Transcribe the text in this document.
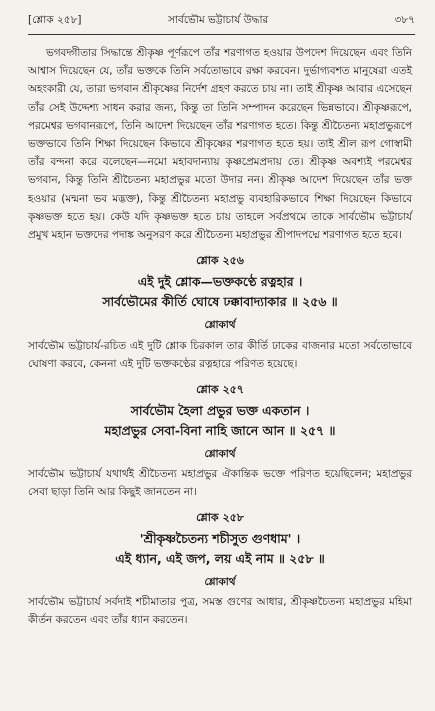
[শ্লোক ২৫৮]	সার্বভৌম ভট্টাচার্য উদ্ধার	৩৮৭

ভগবদ্গীতার সিদ্ধান্তে শ্রীকৃষ্ণ পূর্ণরূপে তাঁর শরণাগত হওয়ার উপদেশ দিয়েছেন এবং তিনি আশ্বাস দিয়েছেন যে, তাঁর ভক্তকে তিনি সর্বতোভাবে রক্ষা করবেন। দুর্ভাগ্যবশত মানুষেরা এতই অহংকারী যে, তারা ভগবান শ্রীকৃষ্ণের নির্দেশ গ্রহণ করতে চায় না। তাই শ্রীকৃষ্ণ আবার এসেছেন তাঁর সেই উদ্দেশ্য সাধন করার জন্য, কিন্তু তা তিনি সম্পাদন করেছেন ভিন্নভাবে। শ্রীকৃষ্ণরূপে, পরমেশ্বর ভগবানরূপে, তিনি আদেশ দিয়েছেন তাঁর শরণাগত হতে। কিন্তু শ্রীচৈতন্য মহাপ্রভুরূপে ভক্তভাবে তিনি শিক্ষা দিয়েছেন কিভাবে শ্রীকৃষ্ণের শরণাগত হতে হয়। তাই শ্রীল রূপ গোস্বামী তাঁর বন্দনা করে বলেছেন—নমো মহাবদান্যায় কৃষ্ণপ্রেমপ্রদায় তে। শ্রীকৃষ্ণ অবশ্যই পরমেশ্বর ভগবান, কিন্তু তিনি শ্রীচৈতন্য মহাপ্রভুর মতো উদার নন। শ্রীকৃষ্ণ আদেশ দিয়েছেন তাঁর ভক্ত হওয়ার (মন্মনা ভব মদ্ভক্ত), কিন্তু শ্রীচৈতন্য মহাপ্রভু ব্যবহারিকভাবে শিক্ষা দিয়েছেন কিভাবে কৃষ্ণভক্ত হতে হয়। কেউ যদি কৃষ্ণভক্ত হতে চায় তাহলে সর্বপ্রথমে তাকে সার্বভৌম ভট্টাচার্য প্রমুখ মহান ভক্তদের পদাঙ্ক অনুসরণ করে শ্রীচৈতন্য মহাপ্রভুর শ্রীপাদপদ্মে শরণাগত হতে হবে।

শ্লোক ২৫৬

এই দুই শ্লোক—ভক্তকণ্ঠে রত্নহার ।

সার্বভৌমের কীর্তি ঘোষে ঢক্কাবাদ্যাকার ॥ ২৫৬ ॥

শ্লোকার্থ

সার্বভৌম ভট্টাচার্য-রচিত এই দুটি শ্লোক চিরকাল তার কীর্তি ঢাকের বাজনার মতো সর্বতোভাবে ঘোষণা করবে, কেননা এই দুটি ভক্তকণ্ঠের রত্নহারে পরিণত হয়েছে।

শ্লোক ২৫৭

সার্বভৌম হৈলা প্রভুর ভক্ত একতান ।

মহাপ্রভুর সেবা-বিনা নাহি জানে আন ॥ ২৫৭ ॥

শ্লোকার্থ

সার্বভৌম ভট্টাচার্য যথার্থই শ্রীচৈতন্য মহাপ্রভুর ঐকান্তিক ভক্তে পরিণত হয়েছিলেন; মহাপ্রভুর সেবা ছাড়া তিনি আর কিছুই জানতেন না।

শ্লোক ২৫৮

'শ্রীকৃষ্ণচৈতন্য শচীসুত গুণধাম' ।

এই ধ্যান, এই জপ, লয় এই নাম ॥ ২৫৮ ॥

শ্লোকার্থ

সার্বভৌম ভট্টাচার্য সর্বদাই শচীমাতার পুত্র, সমস্ত গুণের আধার, শ্রীকৃষ্ণচৈতন্য মহাপ্রভুর মহিমা কীর্তন করতেন এবং তাঁর ধ্যান করতেন।
